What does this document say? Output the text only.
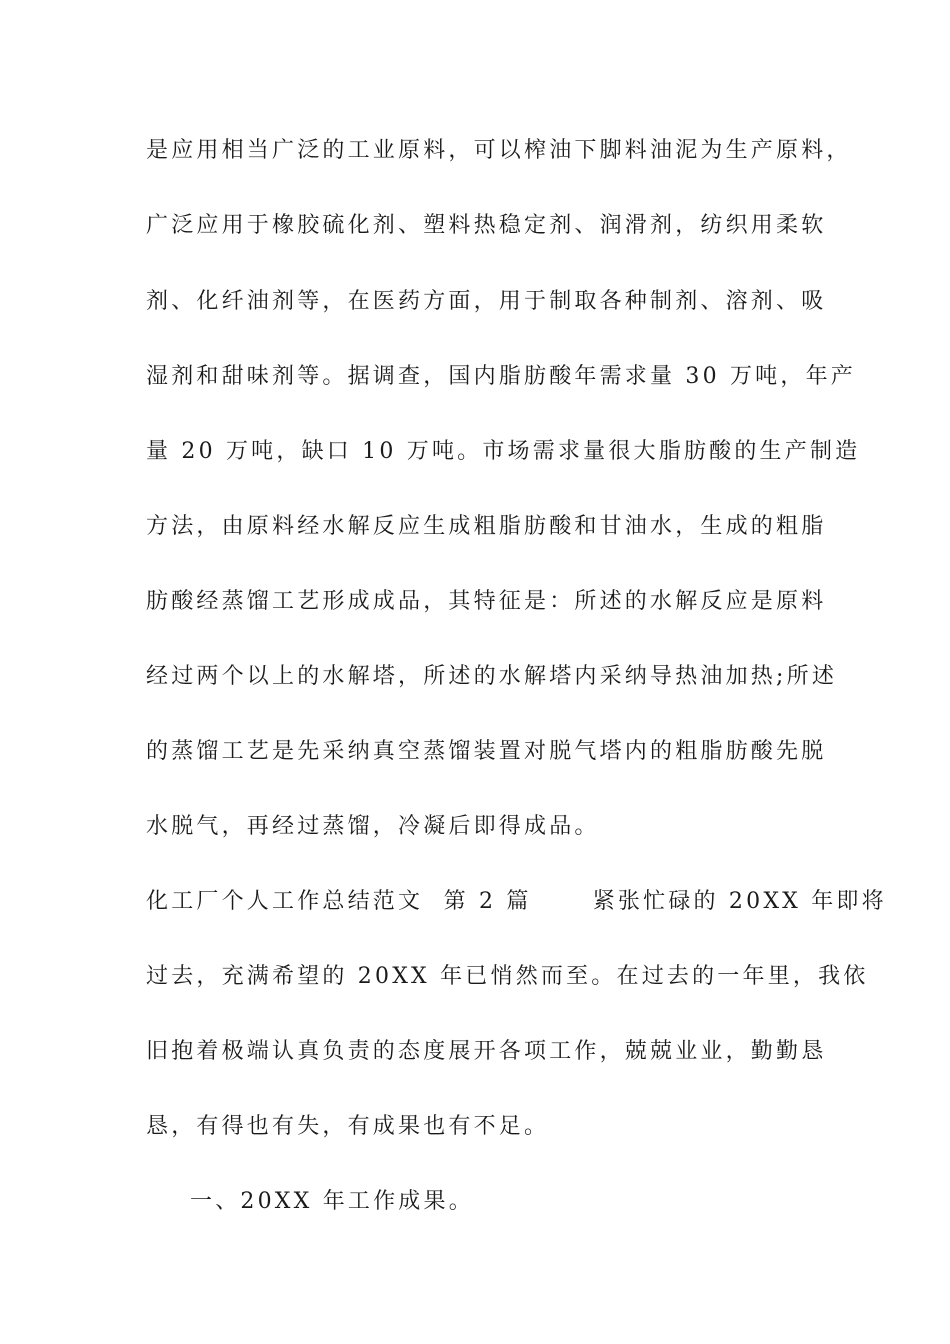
是应用相当广泛的工业原料，可以榨油下脚料油泥为生产原料，
广泛应用于橡胶硫化剂、塑料热稳定剂、润滑剂，纺织用柔软
剂、化纤油剂等，在医药方面，用于制取各种制剂、溶剂、吸
湿剂和甜味剂等。据调查，国内脂肪酸年需求量 30 万吨，年产
量 20 万吨，缺口 10 万吨。市场需求量很大脂肪酸的生产制造
方法，由原料经水解反应生成粗脂肪酸和甘油水，生成的粗脂
肪酸经蒸馏工艺形成成品，其特征是：所述的水解反应是原料
经过两个以上的水解塔，所述的水解塔内采纳导热油加热;所述
的蒸馏工艺是先采纳真空蒸馏装置对脱气塔内的粗脂肪酸先脱
水脱气，再经过蒸馏，冷凝后即得成品。
化工厂个人工作总结范文  第 2 篇      紧张忙碌的 20XX 年即将
过去，充满希望的 20XX 年已悄然而至。在过去的一年里，我依
旧抱着极端认真负责的态度展开各项工作，兢兢业业，勤勤恳
恳，有得也有失，有成果也有不足。
一、20XX 年工作成果。
